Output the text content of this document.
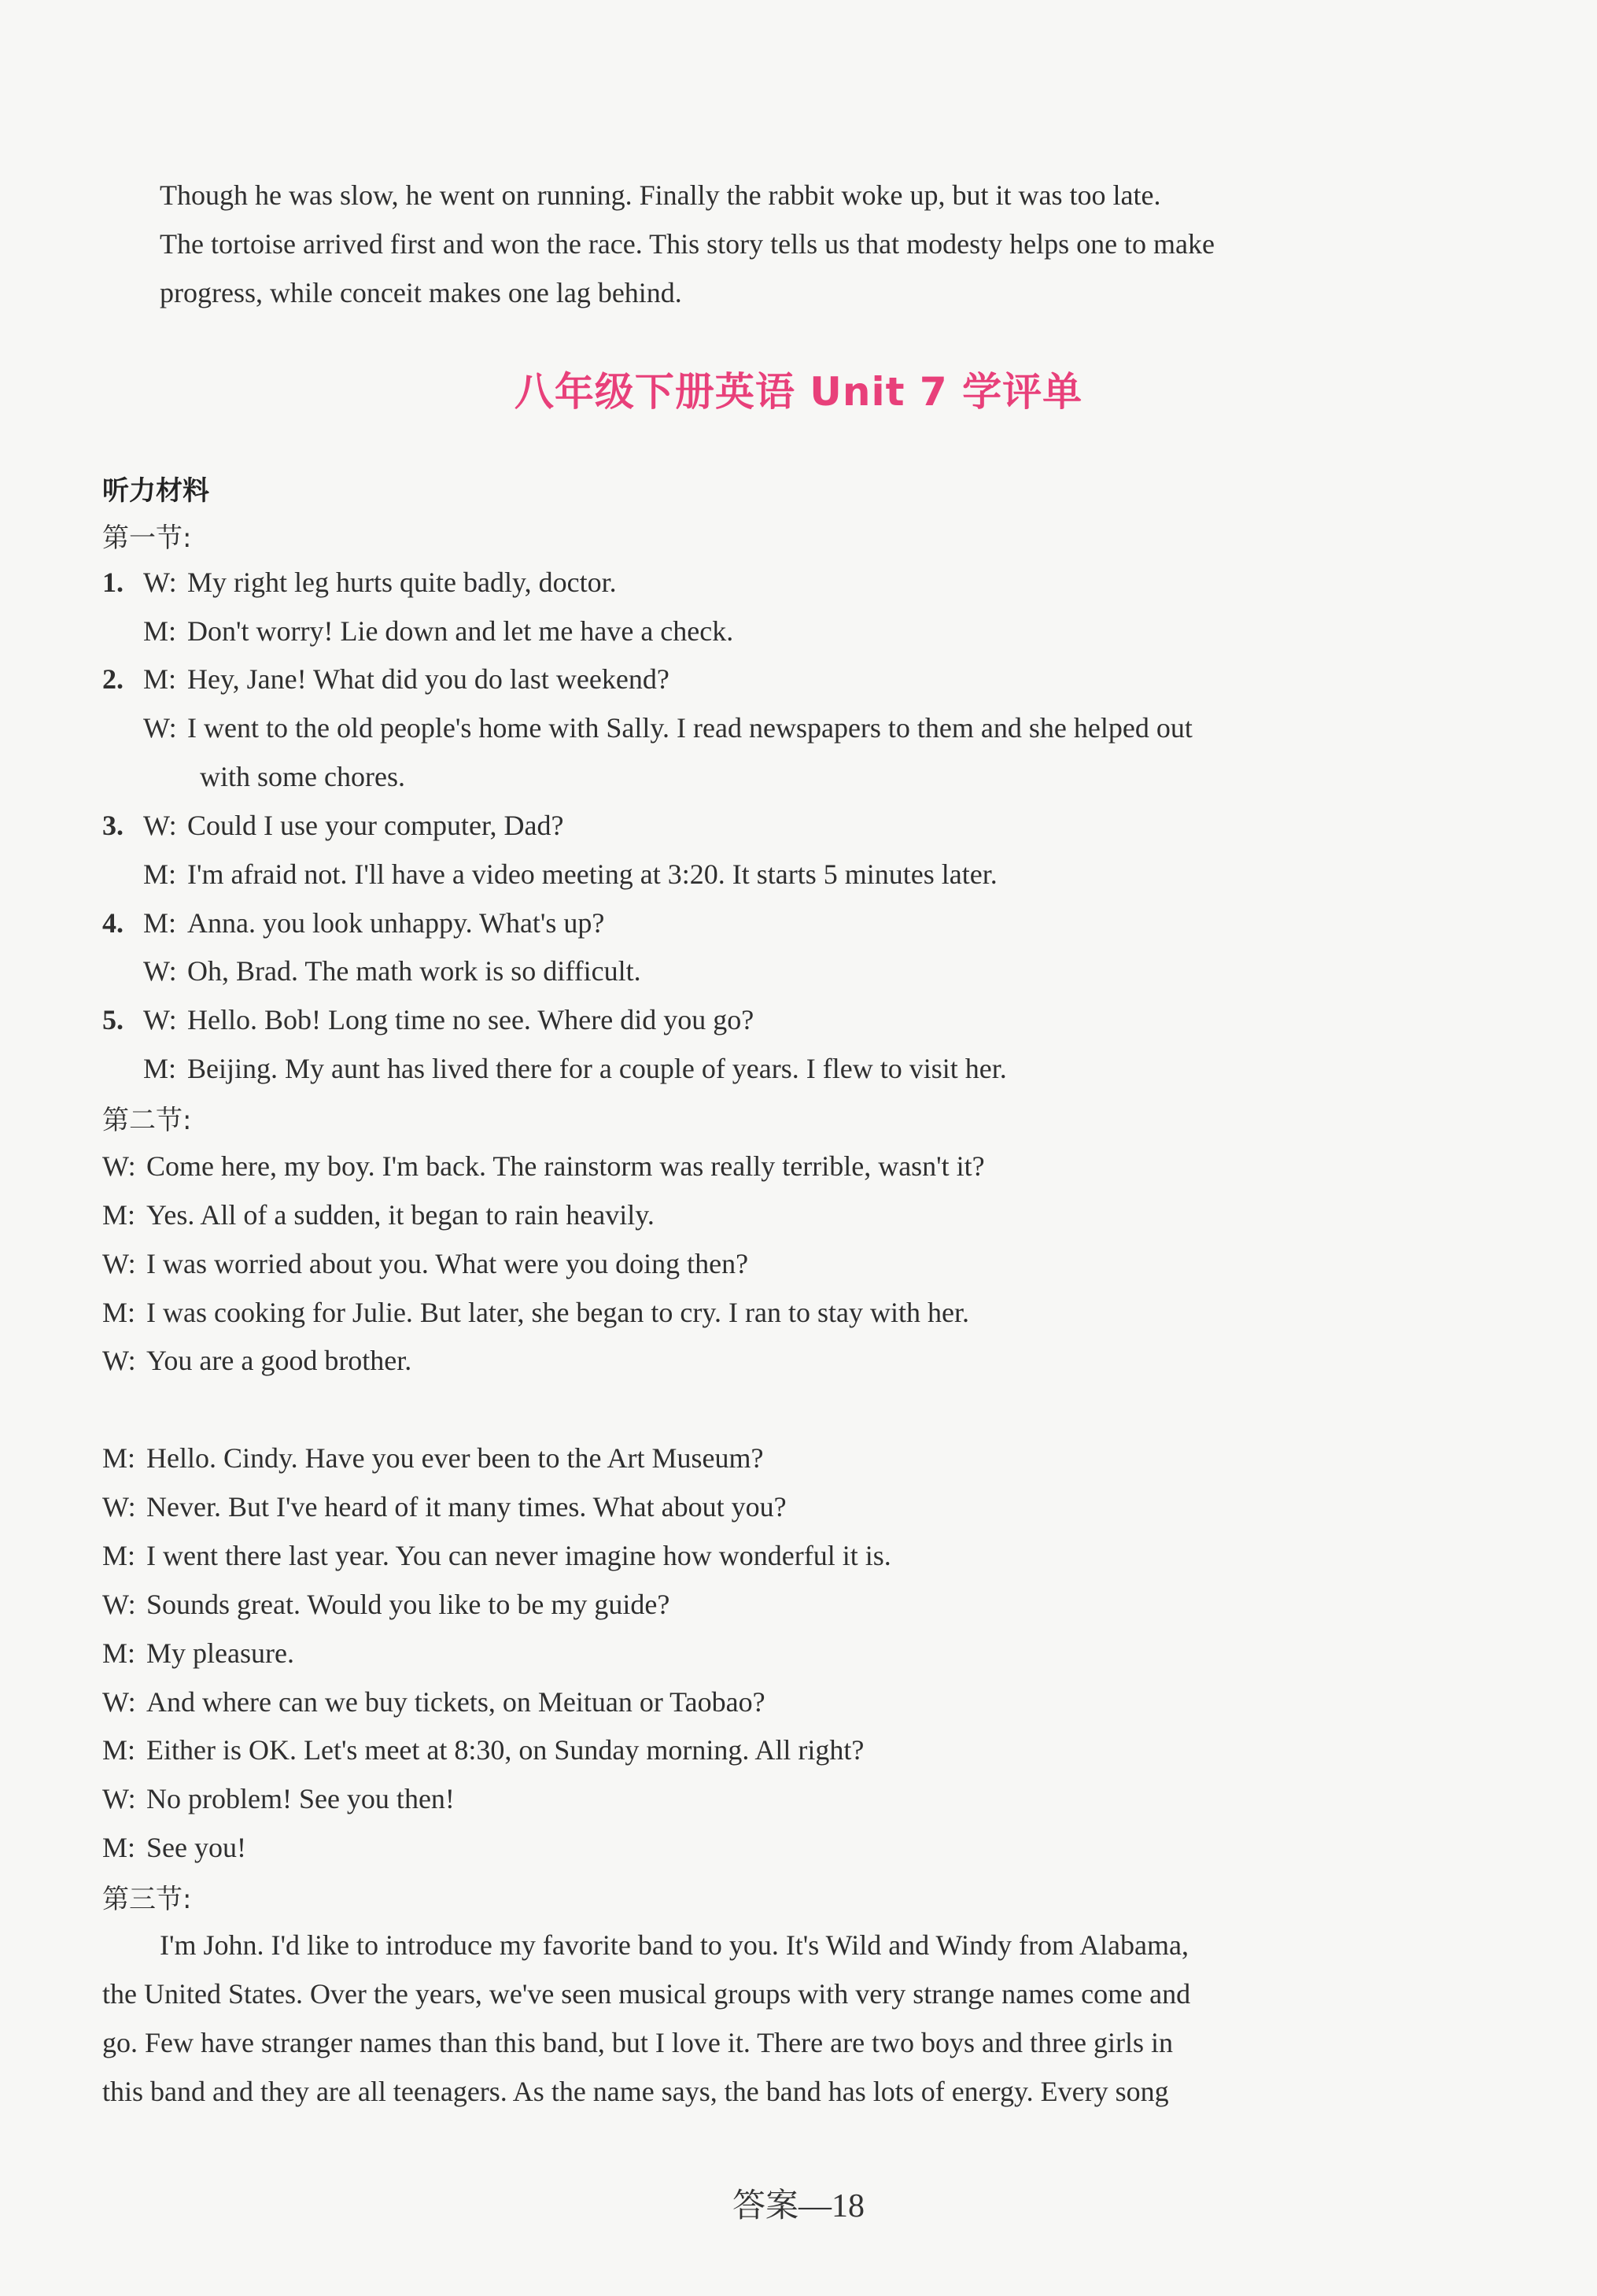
Though he was slow, he went on running. Finally the rabbit woke up, but it was too late.
The tortoise arrived first and won the race. This story tells us that modesty helps one to make
progress, while conceit makes one lag behind.
八年级下册英语 Unit 7 学评单
听力材料
第一节:
1. W: My right leg hurts quite badly, doctor.
M: Don't worry! Lie down and let me have a check.
2. M: Hey, Jane! What did you do last weekend?
W: I went to the old people's home with Sally. I read newspapers to them and she helped out
with some chores.
3. W: Could I use your computer, Dad?
M: I'm afraid not. I'll have a video meeting at 3:20. It starts 5 minutes later.
4. M: Anna. you look unhappy. What's up?
W: Oh, Brad. The math work is so difficult.
5. W: Hello. Bob! Long time no see. Where did you go?
M: Beijing. My aunt has lived there for a couple of years. I flew to visit her.
第二节:
W: Come here, my boy. I'm back. The rainstorm was really terrible, wasn't it?
M: Yes. All of a sudden, it began to rain heavily.
W: I was worried about you. What were you doing then?
M: I was cooking for Julie. But later, she began to cry. I ran to stay with her.
W: You are a good brother.
M: Hello. Cindy. Have you ever been to the Art Museum?
W: Never. But I've heard of it many times. What about you?
M: I went there last year. You can never imagine how wonderful it is.
W: Sounds great. Would you like to be my guide?
M: My pleasure.
W: And where can we buy tickets, on Meituan or Taobao?
M: Either is OK. Let's meet at 8:30, on Sunday morning. All right?
W: No problem! See you then!
M: See you!
第三节:
I'm John. I'd like to introduce my favorite band to you. It's Wild and Windy from Alabama,
the United States. Over the years, we've seen musical groups with very strange names come and
go. Few have stranger names than this band, but I love it. There are two boys and three girls in
this band and they are all teenagers. As the name says, the band has lots of energy. Every song
答案—18
